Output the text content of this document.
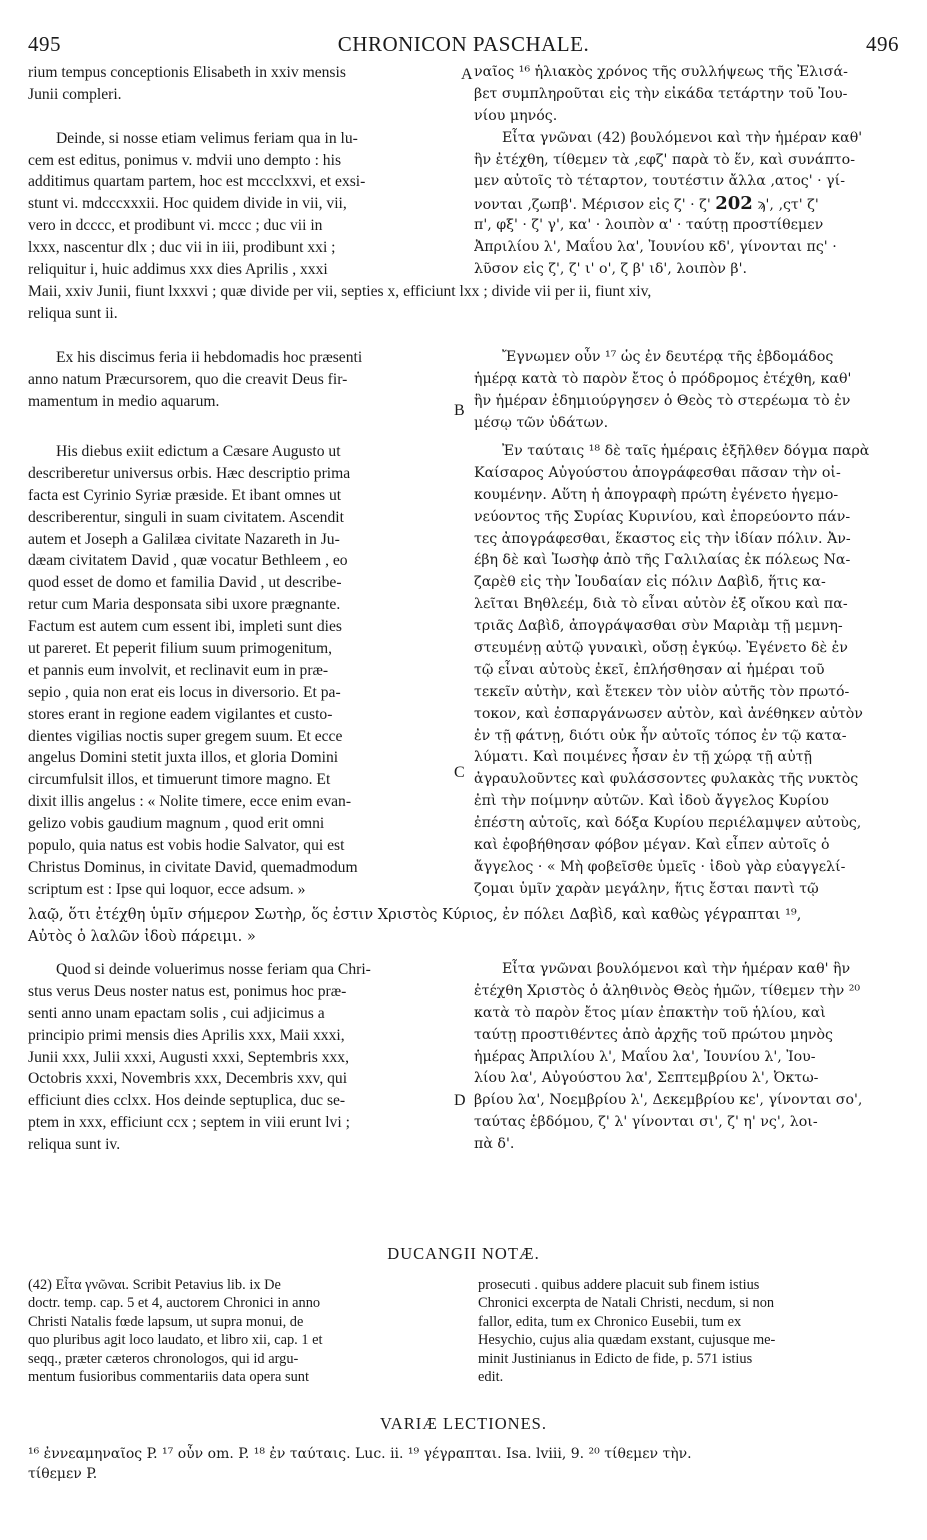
495	CHRONICON PASCHALE.	496
rium tempus conceptionis Elisabeth in xxiv mensis
Junii compleri.
Deinde, si nosse etiam velimus feriam qua in lu-
cem est editus, ponimus v. mdvii uno dempto : his
additimus quartam partem, hoc est mccclxxvi, et exsi-
stunt vi. mdcccxxxii. Hoc quidem divide in vii, vii,
vero in dcccc, et prodibunt vi. mccc ; duc vii in
lxxx, nascentur dlx ; duc vii in iii, prodibunt xxi ;
reliquitur i, huic addimus xxx dies Aprilis , xxxi
A ναῖος ¹⁶ ἡλιακὸς χρόνος τῆς συλλήψεως τῆς Ἐλισά-
βετ συμπληροῦται εἰς τὴν εἰκάδα τετάρτην τοῦ Ἰου-
νίου μηνός.
Εἶτα γνῶναι (42) βουλόμενοι καὶ τὴν ἡμέραν καθ'
ἣν ἐτέχθη, τίθεμεν τὰ ‚εφζ' παρὰ τὸ ἕν, καὶ συνάπτο-
μεν αὐτοῖς τὸ τέταρτον, τουτέστιν ἄλλα ‚ατος' · γί-
νονται ‚ζωπβ'. Μέρισον εἰς ζ' · ζ' 202 ϡ', ‚ςτ' ζ'
π', φξ' · ζ' γ', κα' · λοιπὸν α' · ταύτῃ προστίθεμεν
Ἀπριλίου λ', Μαΐου λα', Ἰουνίου κδ', γίνονται πς' ·
λῦσον εἰς ζ', ζ' ι' ο', ζ β' ιδ', λοιπὸν β'.
Maii, xxiv Junii, fiunt lxxxvi ; quæ divide per vii, septies x, efficiunt lxx ; divide vii per ii, fiunt xiv,
reliqua sunt ii.
Ex his discimus feria ii hebdomadis hoc præsenti
anno natum Præcursorem, quo die creavit Deus fir-
mamentum in medio aquarum.
B
Ἔγνωμεν οὖν ¹⁷ ὡς ἐν δευτέρᾳ τῆς ἑβδομάδος
ἡμέρᾳ κατὰ τὸ παρὸν ἔτος ὁ πρόδρομος ἐτέχθη, καθ'
ἣν ἡμέραν ἐδημιούργησεν ὁ Θεὸς τὸ στερέωμα τὸ ἐν
μέσῳ τῶν ὑδάτων.
His diebus exiit edictum a Cæsare Augusto ut
describeretur universus orbis. Hæc descriptio prima
facta est Cyrinio Syriæ præside. Et ibant omnes ut
describerentur, singuli in suam civitatem. Ascendit
autem et Joseph a Galilæa civitate Nazareth in Ju-
dæam civitatem David , quæ vocatur Bethleem , eo
quod esset de domo et familia David , ut describe-
retur cum Maria desponsata sibi uxore prægnante.
Factum est autem cum essent ibi, impleti sunt dies
ut pareret. Et peperit filium suum primogenitum,
et pannis eum involvit, et reclinavit eum in præ-
sepio , quia non erat eis locus in diversorio. Et pa-
stores erant in regione eadem vigilantes et custo-
dientes vigilias noctis super gregem suum. Et ecce
angelus Domini stetit juxta illos, et gloria Domini
circumfulsit illos, et timuerunt timore magno. Et
dixit illis angelus : « Nolite timere, ecce enim evan-
gelizo vobis gaudium magnum , quod erit omni
populo, quia natus est vobis hodie Salvator, qui est
Christus Dominus, in civitate David, quemadmodum
scriptum est : Ipse qui loquor, ecce adsum. »
C
Ἐν ταύταις ¹⁸ δὲ ταῖς ἡμέραις ἐξῆλθεν δόγμα παρὰ
Καίσαρος Αὐγούστου ἀπογράφεσθαι πᾶσαν τὴν οἰ-
κουμένην. Αὕτη ἡ ἀπογραφὴ πρώτη ἐγένετο ἡγεμο-
νεύοντος τῆς Συρίας Κυρινίου, καὶ ἐπορεύοντο πάν-
τες ἀπογράφεσθαι, ἕκαστος εἰς τὴν ἰδίαν πόλιν. Ἀν-
έβη δὲ καὶ Ἰωσὴφ ἀπὸ τῆς Γαλιλαίας ἐκ πόλεως Να-
ζαρὲθ εἰς τὴν Ἰουδαίαν εἰς πόλιν Δαβὶδ, ἥτις κα-
λεῖται Βηθλεέμ, διὰ τὸ εἶναι αὐτὸν ἐξ οἴκου καὶ πα-
τριᾶς Δαβὶδ, ἀπογράψασθαι σὺν Μαριὰμ τῇ μεμνη-
στευμένῃ αὐτῷ γυναικὶ, οὔσῃ ἐγκύῳ. Ἐγένετο δὲ ἐν
τῷ εἶναι αὐτοὺς ἐκεῖ, ἐπλήσθησαν αἱ ἡμέραι τοῦ
τεκεῖν αὐτὴν, καὶ ἔτεκεν τὸν υἱὸν αὐτῆς τὸν πρωτό-
τοκον, καὶ ἐσπαργάνωσεν αὐτὸν, καὶ ἀνέθηκεν αὐτὸν
ἐν τῇ φάτνῃ, διότι οὐκ ἦν αὐτοῖς τόπος ἐν τῷ κατα-
λύματι. Καὶ ποιμένες ἦσαν ἐν τῇ χώρᾳ τῇ αὐτῇ
ἀγραυλοῦντες καὶ φυλάσσοντες φυλακὰς τῆς νυκτὸς
ἐπὶ τὴν ποίμνην αὐτῶν. Καὶ ἰδοὺ ἄγγελος Κυρίου
ἐπέστη αὐτοῖς, καὶ δόξα Κυρίου περιέλαμψεν αὐτοὺς,
καὶ ἐφοβήθησαν φόβον μέγαν. Καὶ εἶπεν αὐτοῖς ὁ
ἄγγελος · « Μὴ φοβεῖσθε ὑμεῖς · ἰδοὺ γὰρ εὐαγγελί-
ζομαι ὑμῖν χαρὰν μεγάλην, ἥτις ἔσται παντὶ τῷ
λαῷ, ὅτι ἐτέχθη ὑμῖν σήμερον Σωτὴρ, ὅς ἐστιν Χριστὸς Κύριος, ἐν πόλει Δαβὶδ, καὶ καθὼς γέγραπται ¹⁹,
Αὐτὸς ὁ λαλῶν ἰδοὺ πάρειμι. »
Quod si deinde voluerimus nosse feriam qua Chri-
stus verus Deus noster natus est, ponimus hoc præ-
senti anno unam epactam solis , cui adjicimus a
principio primi mensis dies Aprilis xxx, Maii xxxi,
Junii xxx, Julii xxxi, Augusti xxxi, Septembris xxx,
Octobris xxxi, Novembris xxx, Decembris xxv, qui
efficiunt dies cclxx. Hos deinde septuplica, duc se-
ptem in xxx, efficiunt ccx ; septem in viii erunt lvi ;
reliqua sunt iv.
D
Εἶτα γνῶναι βουλόμενοι καὶ τὴν ἡμέραν καθ' ἣν
ἐτέχθη Χριστὸς ὁ ἀληθινὸς Θεὸς ἡμῶν, τίθεμεν τὴν ²⁰
κατὰ τὸ παρὸν ἔτος μίαν ἐπακτὴν τοῦ ἡλίου, καὶ
ταύτῃ προστιθέντες ἀπὸ ἀρχῆς τοῦ πρώτου μηνὸς
ἡμέρας Ἀπριλίου λ', Μαΐου λα', Ἰουνίου λ', Ἰου-
λίου λα', Αὐγούστου λα', Σεπτεμβρίου λ', Ὀκτω-
βρίου λα', Νοεμβρίου λ', Δεκεμβρίου κε', γίνονται σο',
ταύτας ἑβδόμου, ζ' λ' γίνονται σι', ζ' η' νς', λοι-
πὰ δ'.
DUCANGII NOTÆ.
(42) Εἶτα γνῶναι. Scribit Petavius lib. ix De
doctr. temp. cap. 5 et 4, auctorem Chronici in anno
Christi Natalis fœde lapsum, ut supra monui, de
quo pluribus agit loco laudato, et libro xii, cap. 1 et
seqq., præter cæteros chronologos, qui id argu-
mentum fusioribus commentariis data opera sunt
prosecuti . quibus addere placuit sub finem istius
Chronici excerpta de Natali Christi, necdum, si non
fallor, edita, tum ex Chronico Eusebii, tum ex
Hesychio, cujus alia quædam exstant, cujusque me-
minit Justinianus in Edicto de fide, p. 571 istius
edit.
VARIÆ LECTIONES.
¹⁶ ἐννεαμηναῖος P. ¹⁷ οὖν om. P. ¹⁸ ἐν ταύταις. Luc. ii. ¹⁹ γέγραπται. Isa. lviii, 9. ²⁰ τίθεμεν τὴν.
τίθεμεν P.
